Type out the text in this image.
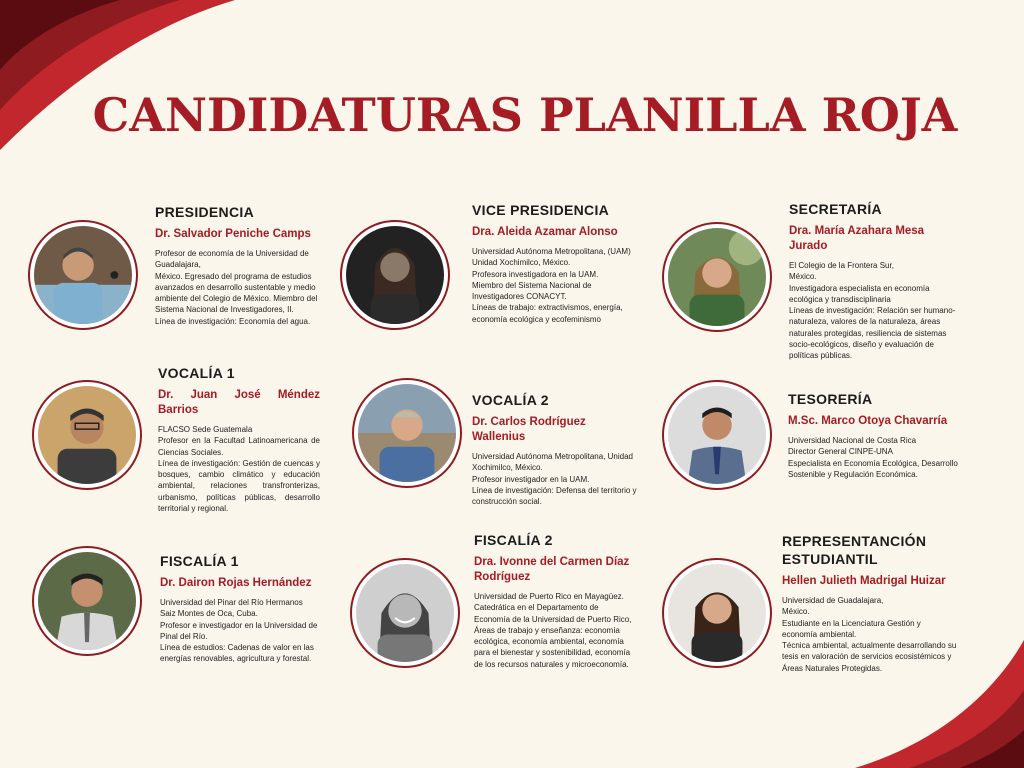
CANDIDATURAS PLANILLA ROJA
PRESIDENCIA
Dr. Salvador Peniche Camps
Profesor de economía de la Universidad de Guadalajara,
México. Egresado del programa de estudios avanzados en desarrollo sustentable y medio ambiente del Colegio de México. Miembro del Sistema Nacional de Investigadores, II.
Línea de investigación: Economía del agua.
VICE PRESIDENCIA
Dra. Aleida Azamar Alonso
Universidad Autónoma Metropolitana, (UAM) Unidad Xochimilco, México.
Profesora investigadora en la UAM.
Miembro del Sistema Nacional de Investigadores CONACYT.
Líneas de trabajo: extractivismos, energía, economía ecológica y ecofeminismo
SECRETARÍA
Dra. María Azahara Mesa Jurado
El Colegio de la Frontera Sur,
México.
Investigadora especialista en economía ecológica y transdisciplinaria
Líneas de investigación: Relación ser humano-naturaleza, valores de la naturaleza, áreas naturales protegidas, resiliencia de sistemas socio-ecológicos, diseño y evaluación de políticas públicas.
VOCALÍA 1
Dr. Juan José Méndez Barrios
FLACSO Sede Guatemala
Profesor en la Facultad Latinoamericana de Ciencias Sociales.
Línea de investigación: Gestión de cuencas y bosques, cambio climático y educación ambiental, relaciones transfronterizas, urbanismo, políticas públicas, desarrollo territorial y regional.
VOCALÍA 2
Dr. Carlos Rodríguez Wallenius
Universidad Autónoma Metropolitana, Unidad Xochimilco, México.
Profesor investigador en la UAM.
Línea de investigación: Defensa del territorio y construcción social.
TESORERÍA
M.Sc. Marco Otoya Chavarría
Universidad Nacional de Costa Rica
Director General CINPE-UNA
Especialista en Economía Ecológica, Desarrollo Sostenible y Regulación Económica.
FISCALÍA 1
Dr. Dairon Rojas Hernández
Universidad del Pinar del Río Hermanos Saiz Montes de Oca, Cuba.
Profesor e investigador en la Universidad de Pinal del Río.
Línea de estudios: Cadenas de valor en las energías renovables, agricultura y forestal.
FISCALÍA 2
Dra. Ivonne del Carmen Díaz Rodríguez
Universidad de Puerto Rico en Mayagüez.
Catedrática en el Departamento de Economía de la Universidad de Puerto Rico,
Áreas de trabajo y enseñanza: economía ecológica, economía ambiental, economía para el bienestar y sostenibilidad, economía de los recursos naturales y microeconomía.
REPRESENTANCIÓN ESTUDIANTIL
Hellen Julieth Madrigal Huizar
Universidad de Guadalajara,
México.
Estudiante en la Licenciatura Gestión y economía ambiental.
Técnica ambiental, actualmente desarrollando su tesis en valoración de servicios ecosistémicos y Áreas Naturales Protegidas.
